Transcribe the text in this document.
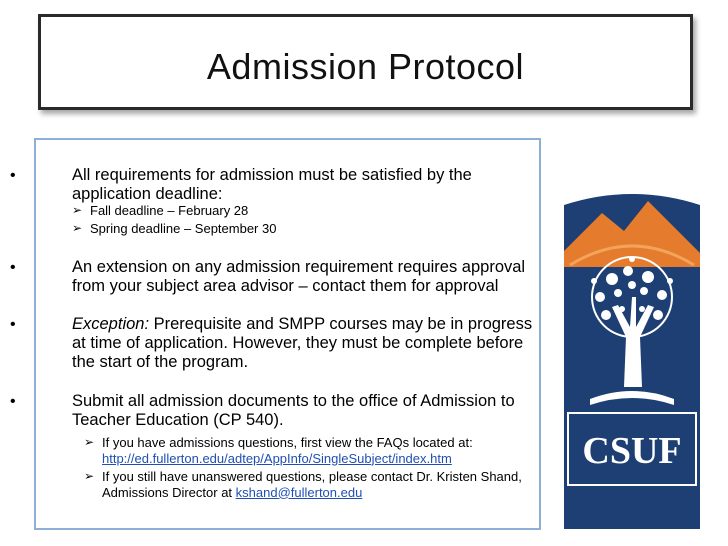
Admission Protocol
•	All requirements for admission must be satisfied by the application deadline:
➢ Fall deadline – February 28
➢ Spring deadline – September 30
•	An extension on any admission requirement requires approval from your subject area advisor – contact them for approval
•	Exception: Prerequisite and SMPP courses may be in progress at time of application. However, they must be complete before the start of the program.
•	Submit all admission documents to the office of Admission to Teacher Education (CP 540).
➢ If you have admissions questions, first view the FAQs located at: http://ed.fullerton.edu/adtep/AppInfo/SingleSubject/index.htm
➢ If you still have unanswered questions, please contact Dr. Kristen Shand, Admissions Director at kshand@fullerton.edu
CSUF
